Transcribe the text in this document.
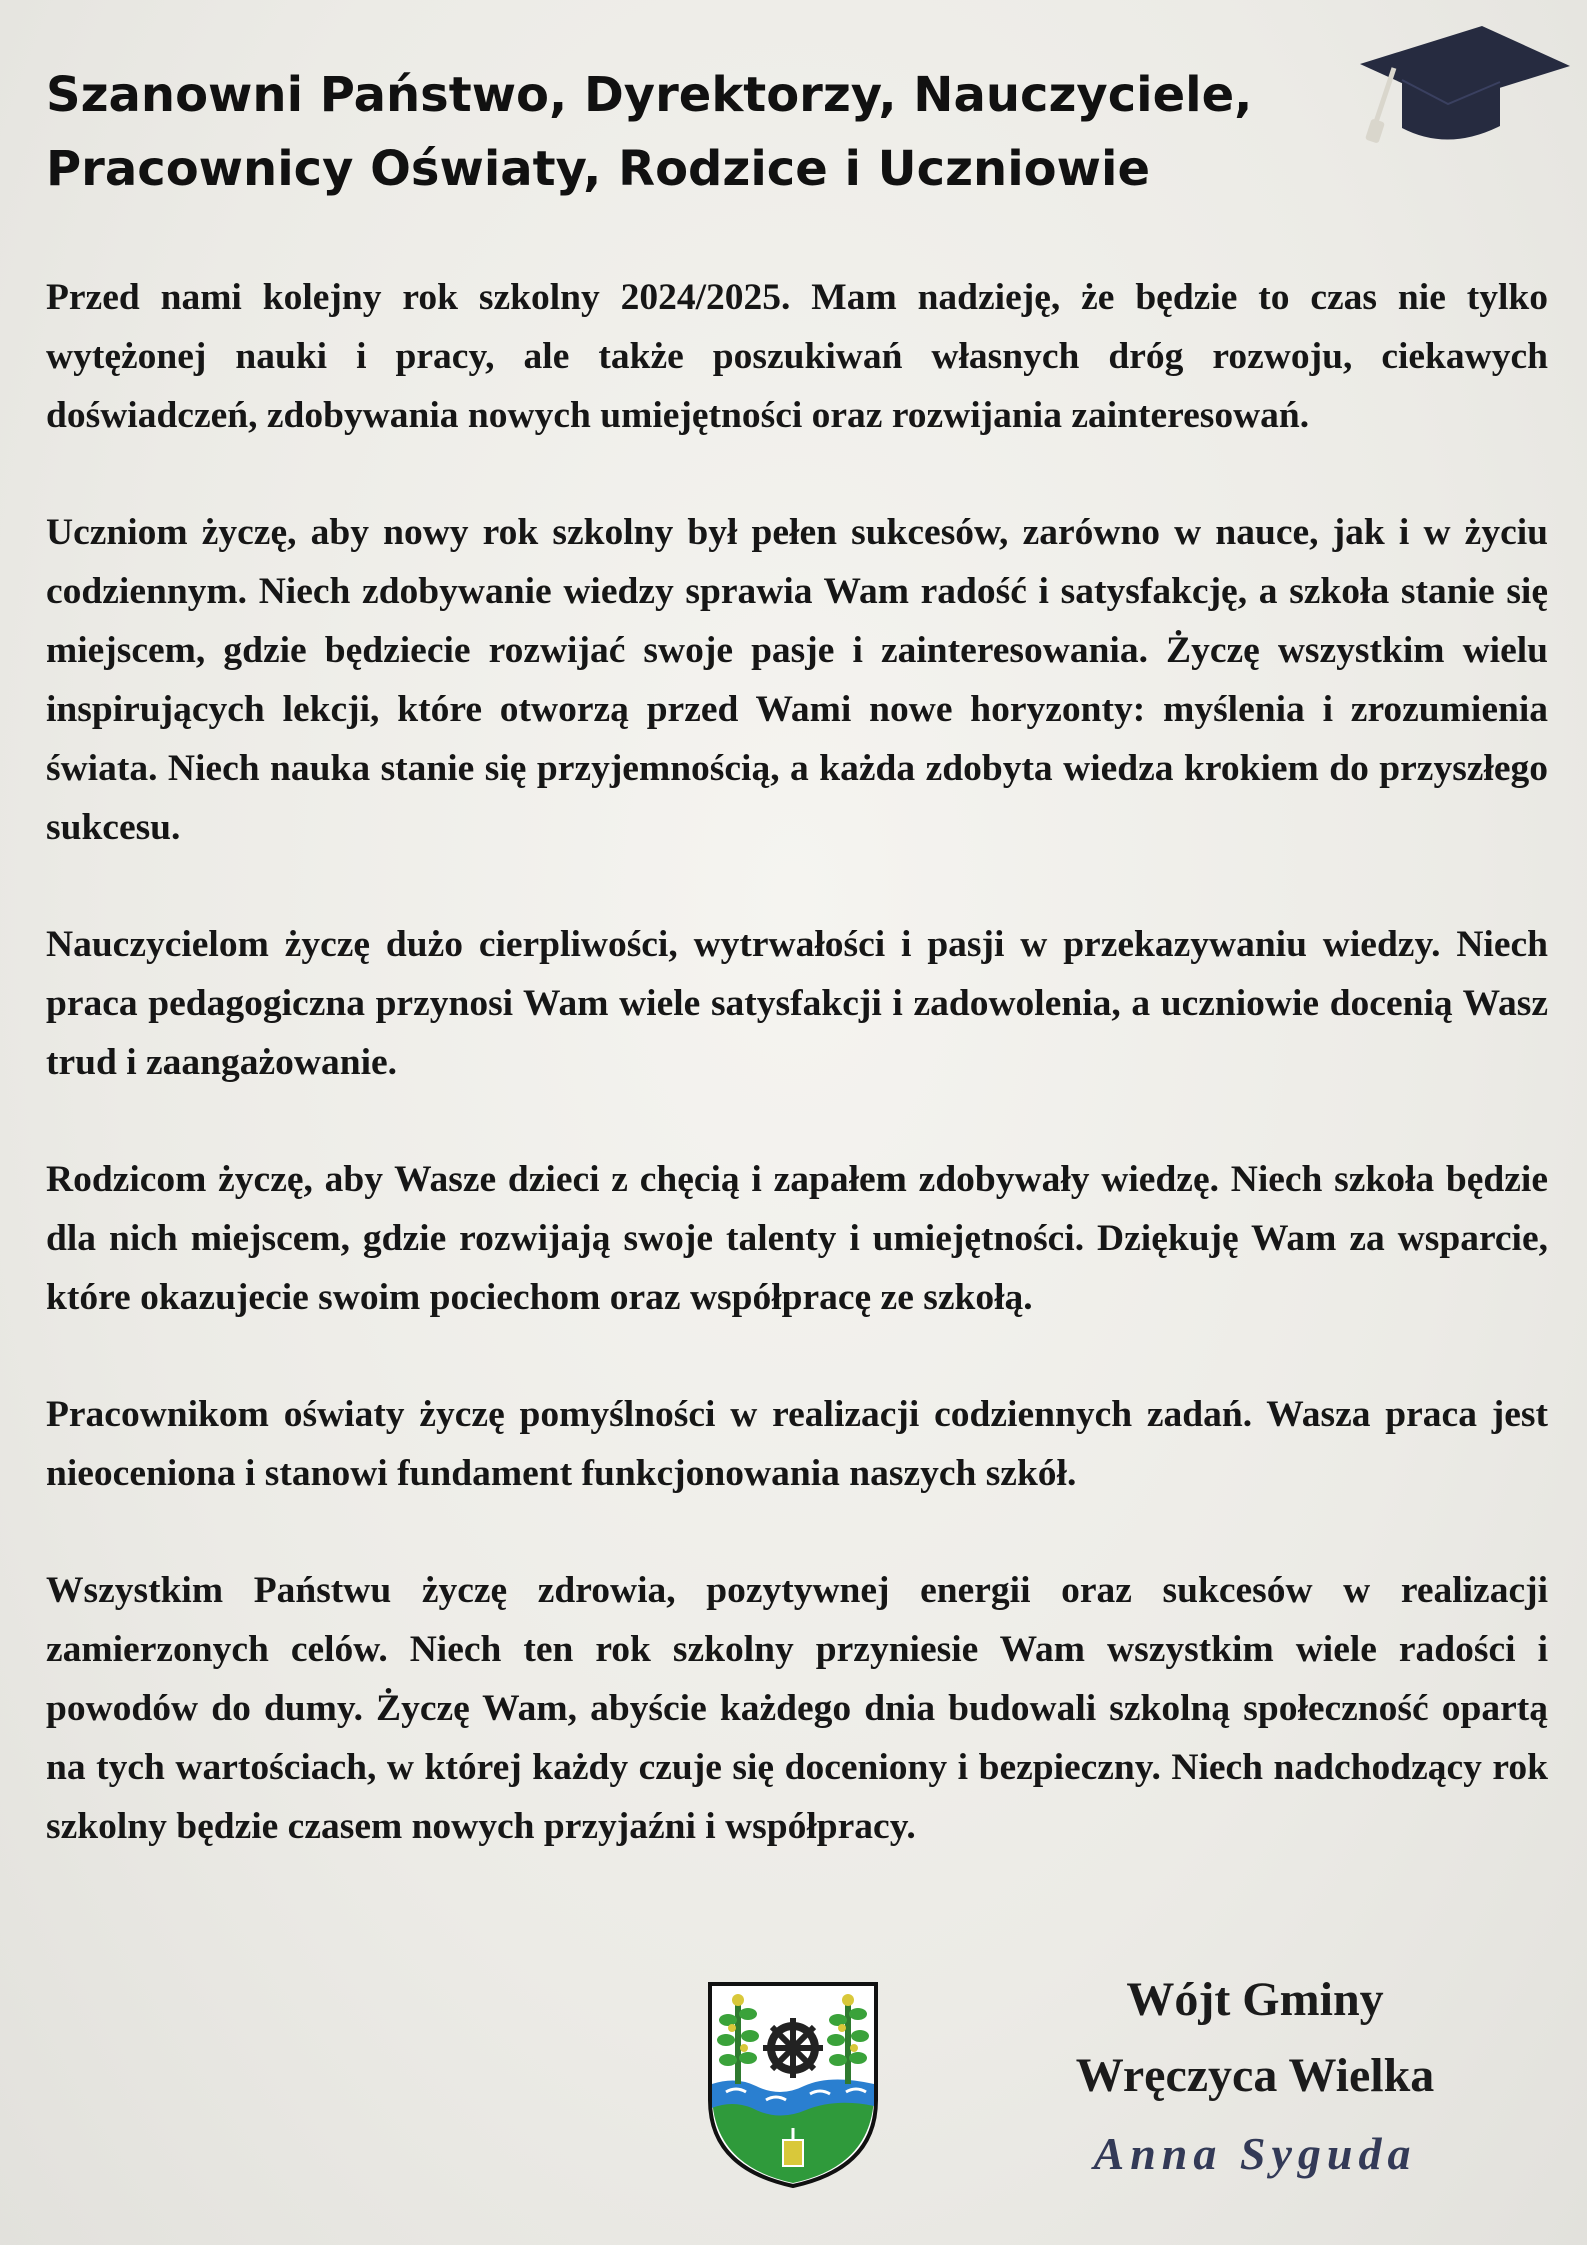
Szanowni Państwo, Dyrektorzy, Nauczyciele,
Pracownicy Oświaty, Rodzice i Uczniowie

Przed nami kolejny rok szkolny 2024/2025. Mam nadzieję, że będzie to czas nie tylko wytężonej nauki i pracy, ale także poszukiwań własnych dróg rozwoju, ciekawych doświadczeń, zdobywania nowych umiejętności oraz rozwijania zainteresowań.

Uczniom życzę, aby nowy rok szkolny był pełen sukcesów, zarówno w nauce, jak i w życiu codziennym. Niech zdobywanie wiedzy sprawia Wam radość i satysfakcję, a szkoła stanie się miejscem, gdzie będziecie rozwijać swoje pasje i zainteresowania. Życzę wszystkim wielu inspirujących lekcji, które otworzą przed Wami nowe horyzonty: myślenia i zrozumienia świata. Niech nauka stanie się przyjemnością, a każda zdobyta wiedza krokiem do przyszłego sukcesu.

Nauczycielom życzę dużo cierpliwości, wytrwałości i pasji w przekazywaniu wiedzy. Niech praca pedagogiczna przynosi Wam wiele satysfakcji i zadowolenia, a uczniowie docenią Wasz trud i zaangażowanie.

Rodzicom życzę, aby Wasze dzieci z chęcią i zapałem zdobywały wiedzę. Niech szkoła będzie dla nich miejscem, gdzie rozwijają swoje talenty i umiejętności. Dziękuję Wam za wsparcie, które okazujecie swoim pociechom oraz współpracę ze szkołą.

Pracownikom oświaty życzę pomyślności w realizacji codziennych zadań. Wasza praca jest nieoceniona i stanowi fundament funkcjonowania naszych szkół.

Wszystkim Państwu życzę zdrowia, pozytywnej energii oraz sukcesów w realizacji zamierzonych celów. Niech ten rok szkolny przyniesie Wam wszystkim wiele radości i powodów do dumy. Życzę Wam, abyście każdego dnia budowali szkolną społeczność opartą na tych wartościach, w której każdy czuje się doceniony i bezpieczny. Niech nadchodzący rok szkolny będzie czasem nowych przyjaźni i współpracy.

Wójt Gminy
Wręczyca Wielka
Anna Syguda
